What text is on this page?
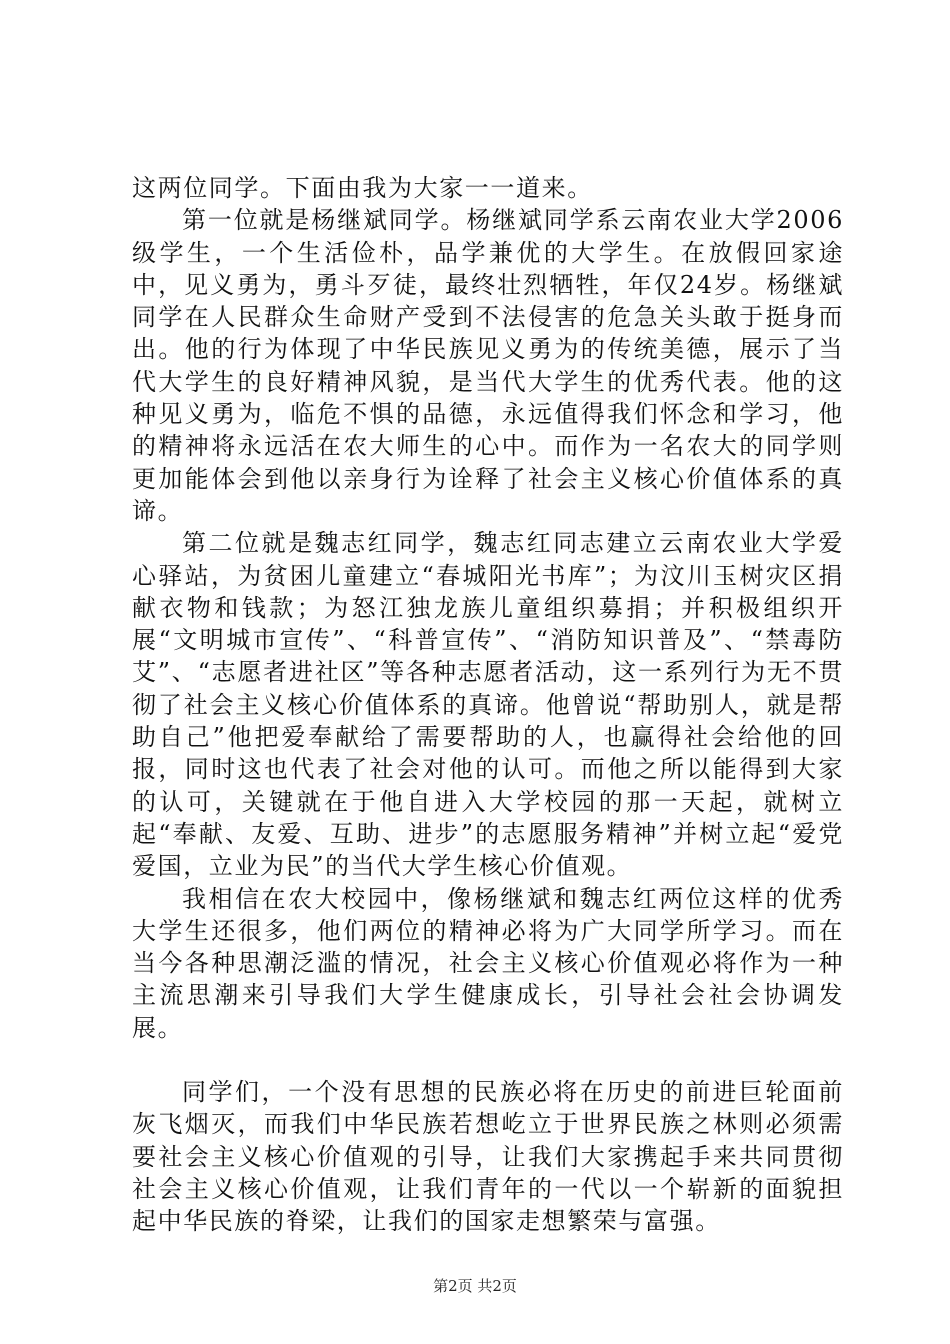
这两位同学。下面由我为大家一一道来。

第一位就是杨继斌同学。杨继斌同学系云南农业大学2006级学生，一个生活俭朴，品学兼优的大学生。在放假回家途中，见义勇为，勇斗歹徒，最终壮烈牺牲，年仅24岁。杨继斌同学在人民群众生命财产受到不法侵害的危急关头敢于挺身而出。他的行为体现了中华民族见义勇为的传统美德，展示了当代大学生的良好精神风貌，是当代大学生的优秀代表。他的这种见义勇为，临危不惧的品德，永远值得我们怀念和学习，他的精神将永远活在农大师生的心中。而作为一名农大的同学则更加能体会到他以亲身行为诠释了社会主义核心价值体系的真谛。

第二位就是魏志红同学，魏志红同志建立云南农业大学爱心驿站，为贫困儿童建立“春城阳光书库”；为汶川玉树灾区捐献衣物和钱款；为怒江独龙族儿童组织募捐；并积极组织开展“文明城市宣传”、“科普宣传”、“消防知识普及”、“禁毒防艾”、“志愿者进社区”等各种志愿者活动，这一系列行为无不贯彻了社会主义核心价值体系的真谛。他曾说“帮助别人，就是帮助自己”他把爱奉献给了需要帮助的人，也赢得社会给他的回报，同时这也代表了社会对他的认可。而他之所以能得到大家的认可，关键就在于他自进入大学校园的那一天起，就树立起“奉献、友爱、互助、进步”的志愿服务精神”并树立起“爱党爱国，立业为民”的当代大学生核心价值观。

我相信在农大校园中，像杨继斌和魏志红两位这样的优秀大学生还很多，他们两位的精神必将为广大同学所学习。而在当今各种思潮泛滥的情况，社会主义核心价值观必将作为一种主流思潮来引导我们大学生健康成长，引导社会社会协调发展。

同学们，一个没有思想的民族必将在历史的前进巨轮面前灰飞烟灭，而我们中华民族若想屹立于世界民族之林则必须需要社会主义核心价值观的引导，让我们大家携起手来共同贯彻社会主义核心价值观，让我们青年的一代以一个崭新的面貌担起中华民族的脊梁，让我们的国家走想繁荣与富强。

第2页 共2页
